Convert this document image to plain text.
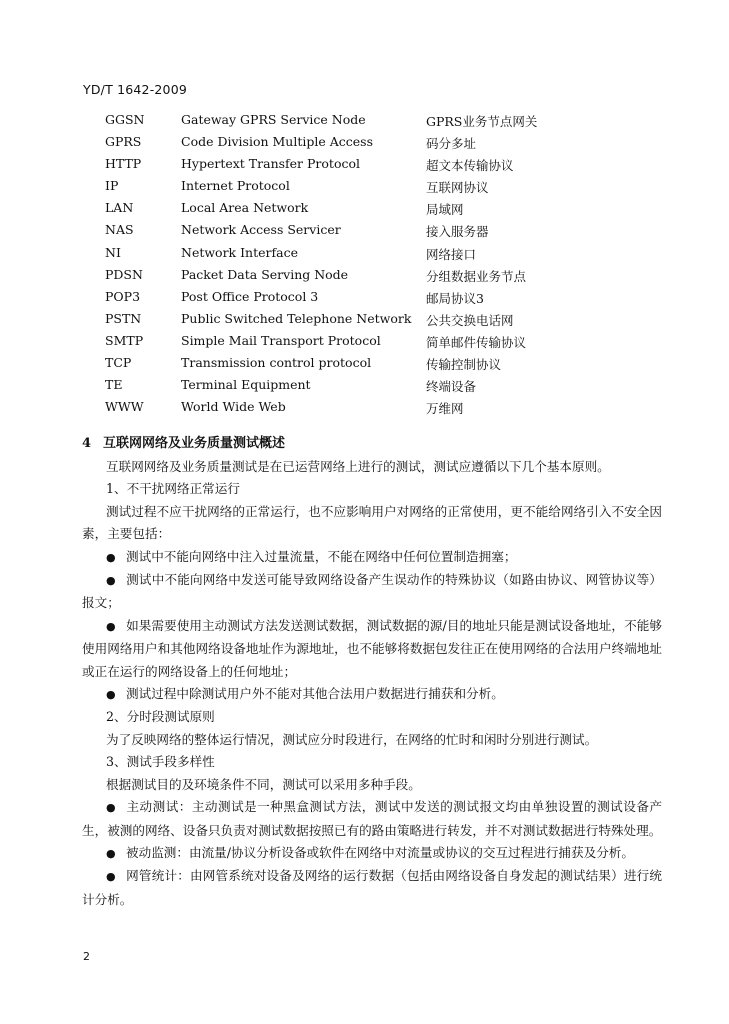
YD/T 1642-2009
GGSN	Gateway GPRS Service Node	GPRS业务节点网关
GPRS	Code Division Multiple Access	码分多址
HTTP	Hypertext Transfer Protocol	超文本传输协议
IP	Internet Protocol	互联网协议
LAN	Local Area Network	局域网
NAS	Network Access Servicer	接入服务器
NI	Network Interface	网络接口
PDSN	Packet Data Serving Node	分组数据业务节点
POP3	Post Office Protocol 3	邮局协议3
PSTN	Public Switched Telephone Network 公共交换电话网
SMTP	Simple Mail Transport Protocol	简单邮件传输协议
TCP	Transmission control protocol	传输控制协议
TE	Terminal Equipment	终端设备
WWW	World Wide Web	万维网
4 互联网网络及业务质量测试概述

互联网网络及业务质量测试是在已运营网络上进行的测试，测试应遵循以下几个基本原则。

1、不干扰网络正常运行

测试过程不应干扰网络的正常运行，也不应影响用户对网络的正常使用，更不能给网络引入不安全因素，主要包括：

● 测试中不能向网络中注入过量流量，不能在网络中任何位置制造拥塞；

● 测试中不能向网络中发送可能导致网络设备产生误动作的特殊协议（如路由协议、网管协议等）报文；

● 如果需要使用主动测试方法发送测试数据，测试数据的源/目的地址只能是测试设备地址，不能够使用网络用户和其他网络设备地址作为源地址，也不能够将数据包发往正在使用网络的合法用户终端地址或正在运行的网络设备上的任何地址；

● 测试过程中除测试用户外不能对其他合法用户数据进行捕获和分析。

2、分时段测试原则

为了反映网络的整体运行情况，测试应分时段进行，在网络的忙时和闲时分别进行测试。

3、测试手段多样性

根据测试目的及环境条件不同，测试可以采用多种手段。

● 主动测试：主动测试是一种黑盒测试方法，测试中发送的测试报文均由单独设置的测试设备产生，被测的网络、设备只负责对测试数据按照已有的路由策略进行转发，并不对测试数据进行特殊处理。

● 被动监测：由流量/协议分析设备或软件在网络中对流量或协议的交互过程进行捕获及分析。

● 网管统计：由网管系统对设备及网络的运行数据（包括由网络设备自身发起的测试结果）进行统计分析。

2
